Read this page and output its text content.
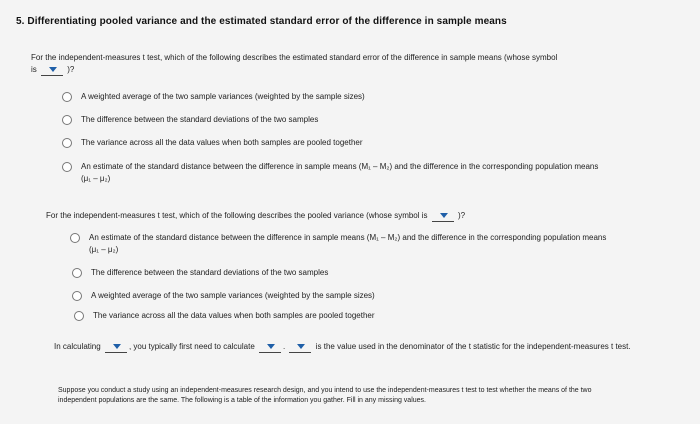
5. Differentiating pooled variance and the estimated standard error of the difference in sample means
For the independent-measures t test, which of the following describes the estimated standard error of the difference in sample means (whose symbol
is	)?
A weighted average of the two sample variances (weighted by the sample sizes)
The difference between the standard deviations of the two samples
The variance across all the data values when both samples are pooled together
An estimate of the standard distance between the difference in sample means (M₁ – M₂) and the difference in the corresponding population means (μ₁ – μ₂)
For the independent-measures t test, which of the following describes the pooled variance (whose symbol is	)?
An estimate of the standard distance between the difference in sample means (M₁ – M₂) and the difference in the corresponding population means (μ₁ – μ₂)
The difference between the standard deviations of the two samples
A weighted average of the two sample variances (weighted by the sample sizes)
The variance across all the data values when both samples are pooled together
In calculating	, you typically first need to calculate	.	is the value used in the denominator of the t statistic for the independent-measures t test.
Suppose you conduct a study using an independent-measures research design, and you intend to use the independent-measures t test to test whether the means of the two independent populations are the same. The following is a table of the information you gather. Fill in any missing values.
